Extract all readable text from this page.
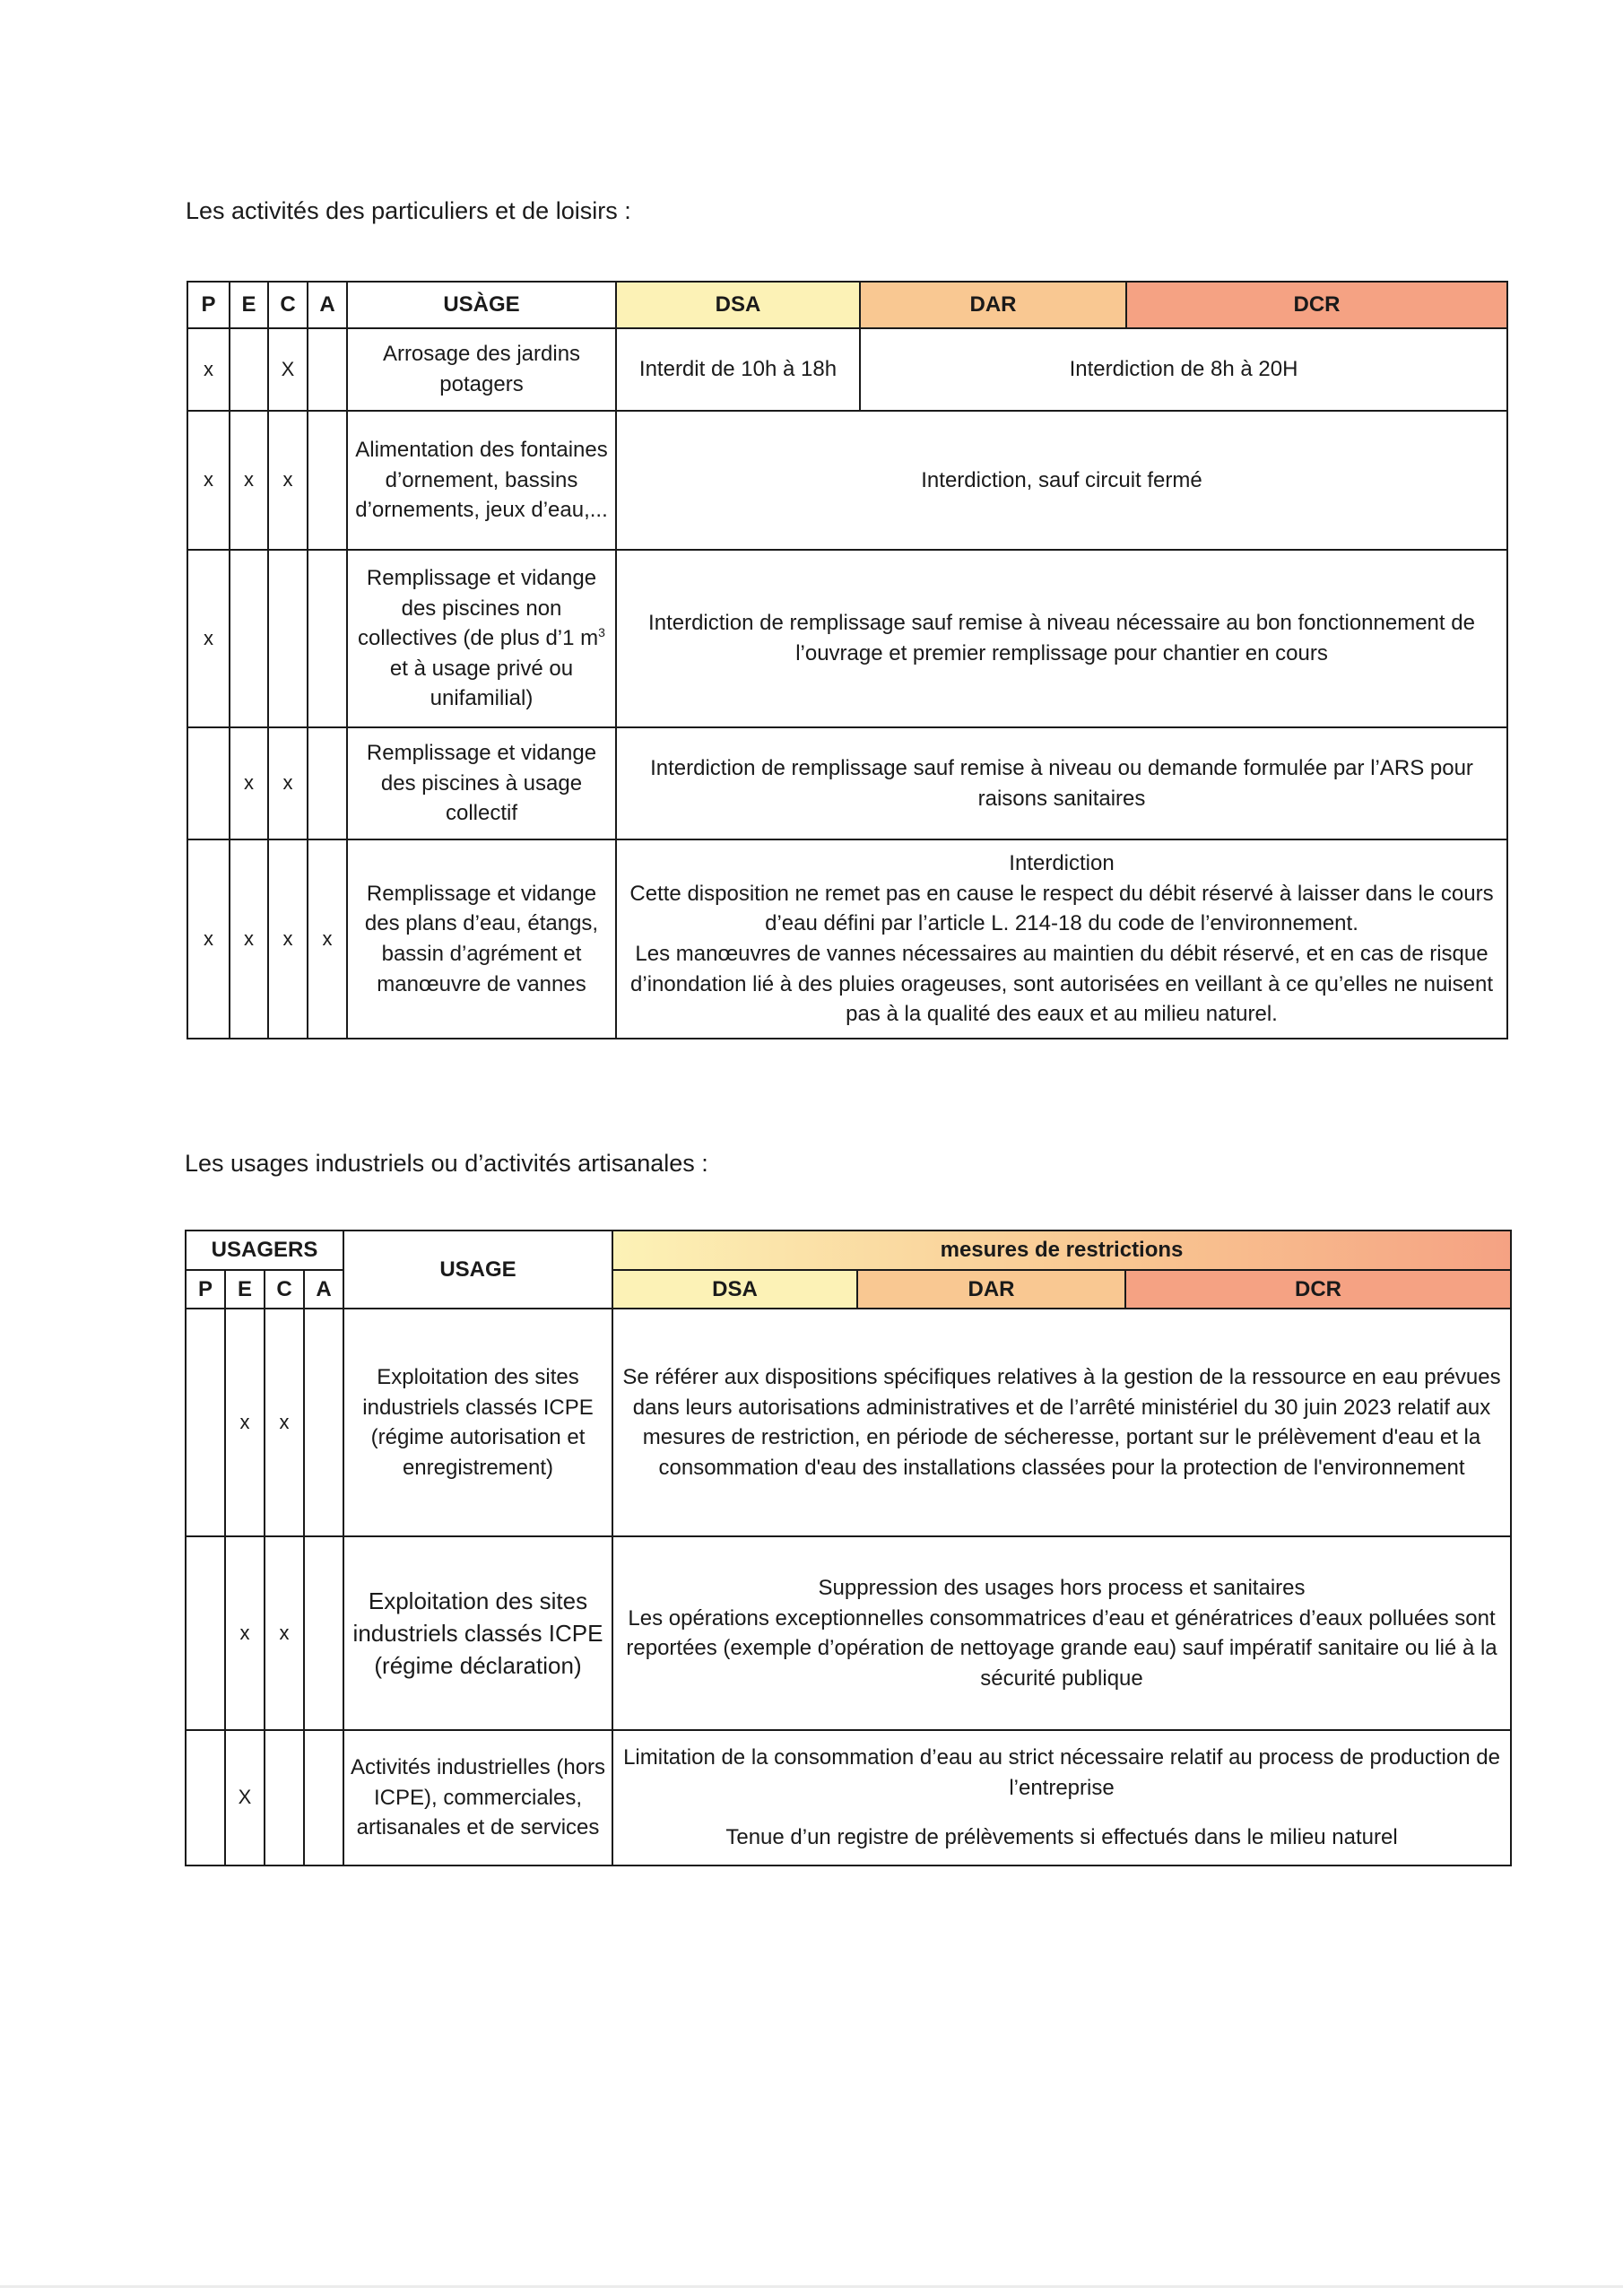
Les activités des particuliers et de loisirs :
P	E	C	A	USÀGE	DSA	DAR	DCR
x		X		Arrosage des jardins potagers	Interdit de 10h à 18h	Interdiction de 8h à 20H	
x	x	x		Alimentation des fontaines d’ornement, bassins d’ornements, jeux d’eau,...	Interdiction, sauf circuit fermé		
x				Remplissage et vidange des piscines non collectives (de plus d’1 $m^3$ et à usage privé ou unifamilial)	Interdiction de remplissage sauf remise à niveau nécessaire au bon fonctionnement de l’ouvrage et premier remplissage pour chantier en cours		
	x	x		Remplissage et vidange des piscines à usage collectif	Interdiction de remplissage sauf remise à niveau ou demande formulée par l’ARS pour raisons sanitaires		
x	x	x	x	Remplissage et vidange des plans d’eau, étangs, bassin d’agrément et manœuvre de vannes	Interdiction
Cette disposition ne remet pas en cause le respect du débit réservé à laisser dans le cours d’eau défini par l’article L. 214-18 du code de l’environnement.
Les manœuvres de vannes nécessaires au maintien du débit réservé, et en cas de risque d’inondation lié à des pluies orageuses, sont autorisées en veillant à ce qu’elles ne nuisent pas à la qualité des eaux et au milieu naturel.		
Les usages industriels ou d’activités artisanales :
USAGERS				USAGE	mesures de restrictions		
P	E	C	A		DSA	DAR	DCR
	x	x		Exploitation des sites industriels classés ICPE (régime autorisation et enregistrement)	Se référer aux dispositions spécifiques relatives à la gestion de la ressource en eau prévues dans leurs autorisations administratives et de l’arrêté ministériel du 30 juin 2023 relatif aux mesures de restriction, en période de sécheresse, portant sur le prélèvement d'eau et la consommation d'eau des installations classées pour la protection de l'environnement		
	x	x		Exploitation des sites industriels classés ICPE (régime déclaration)	Suppression des usages hors process et sanitaires
Les opérations exceptionnelles consommatrices d’eau et génératrices d’eaux polluées sont reportées (exemple d’opération de nettoyage grande eau) sauf impératif sanitaire ou lié à la sécurité publique		

	X			Activités industrielles (hors ICPE), commerciales, artisanales et de services	Limitation de la consommation d’eau au strict nécessaire relatif au process de production de l’entreprise
Tenue d’un registre de prélèvements si effectués dans le milieu naturel		
